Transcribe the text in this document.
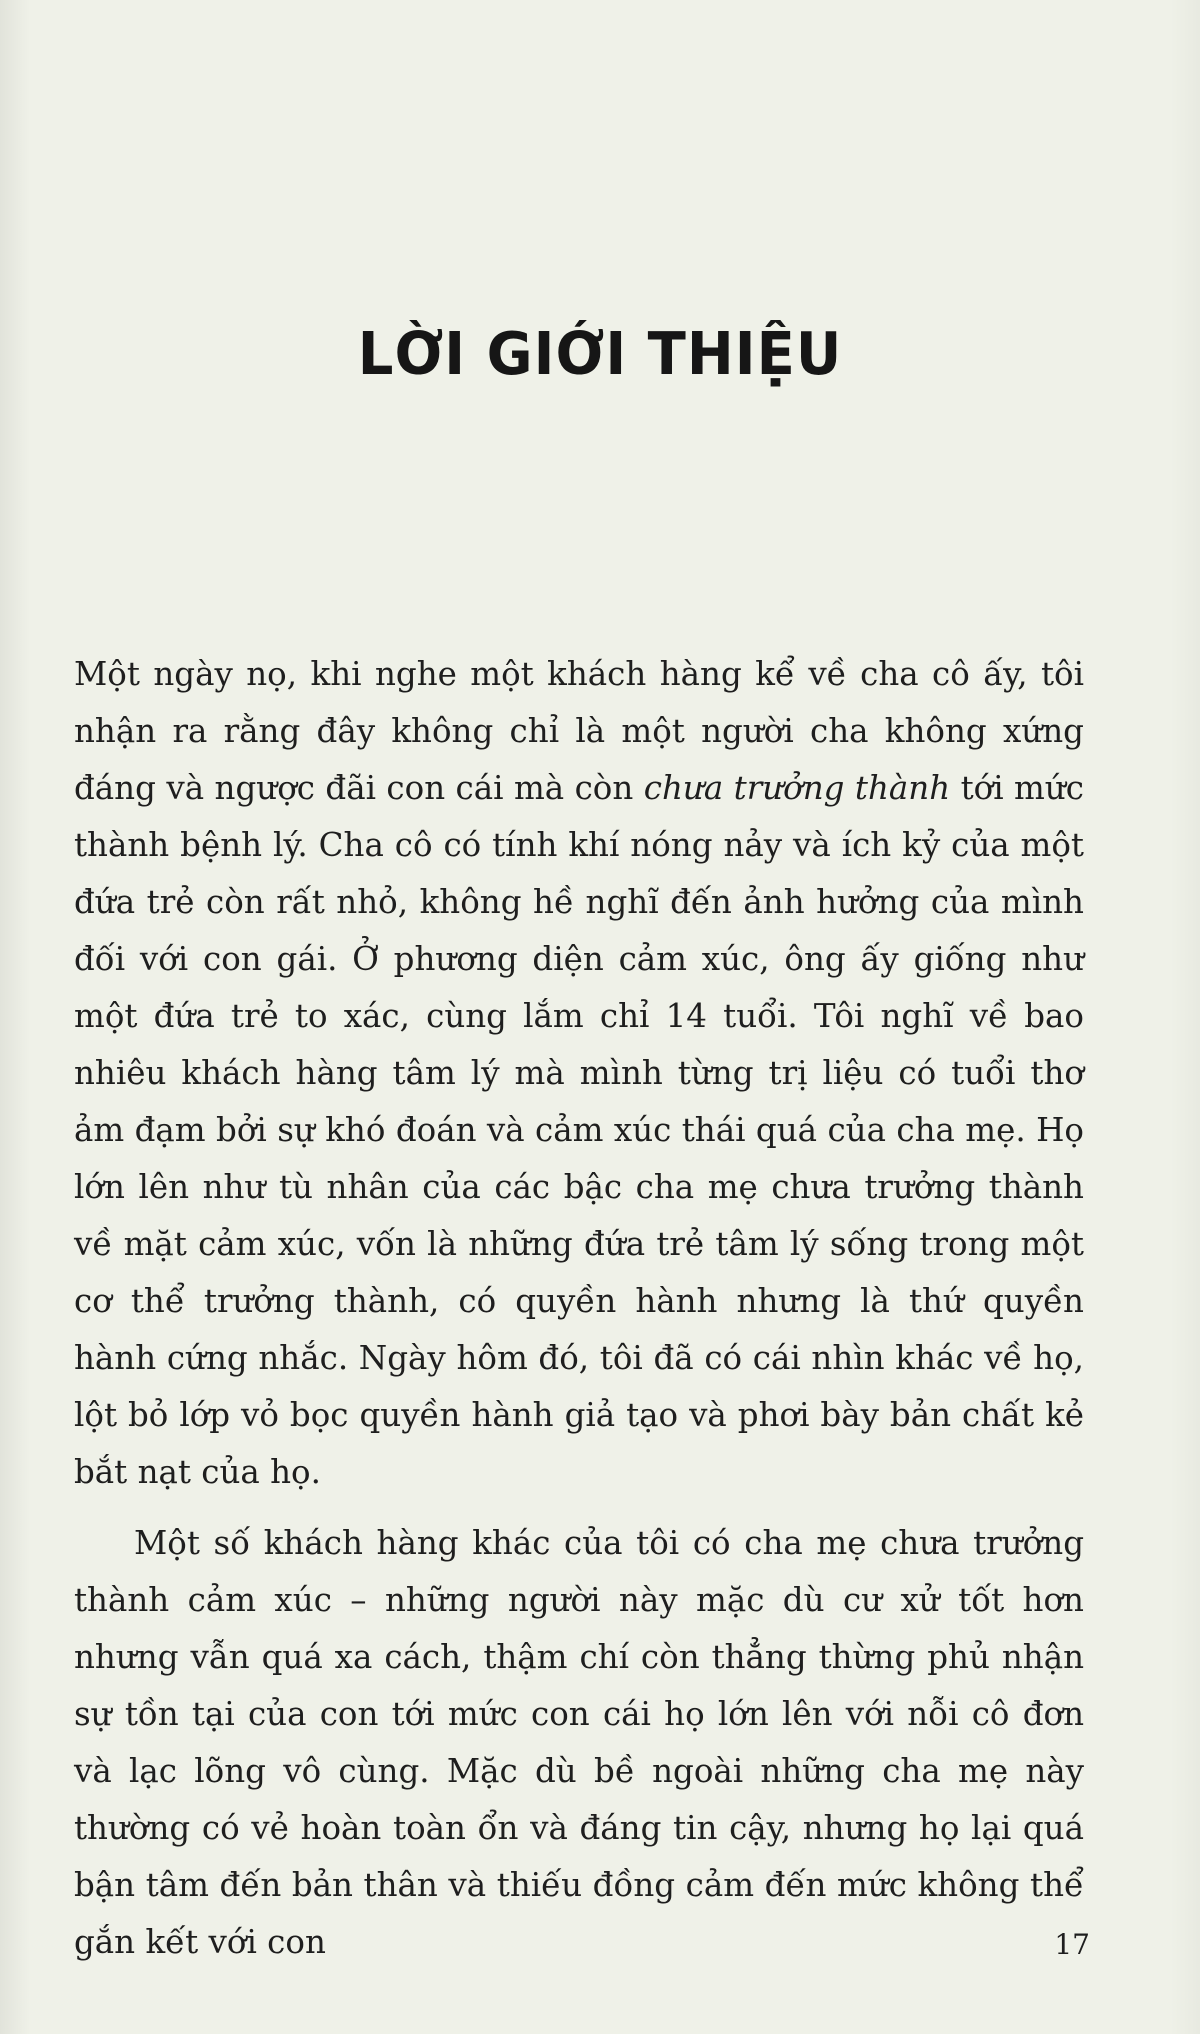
LỜI GIỚI THIỆU

Một ngày nọ, khi nghe một khách hàng kể về cha cô ấy, tôi nhận ra rằng đây không chỉ là một người cha không xứng đáng và ngược đãi con cái mà còn chưa trưởng thành tới mức thành bệnh lý. Cha cô có tính khí nóng nảy và ích kỷ của một đứa trẻ còn rất nhỏ, không hề nghĩ đến ảnh hưởng của mình đối với con gái. Ở phương diện cảm xúc, ông ấy giống như một đứa trẻ to xác, cùng lắm chỉ 14 tuổi. Tôi nghĩ về bao nhiêu khách hàng tâm lý mà mình từng trị liệu có tuổi thơ ảm đạm bởi sự khó đoán và cảm xúc thái quá của cha mẹ. Họ lớn lên như tù nhân của các bậc cha mẹ chưa trưởng thành về mặt cảm xúc, vốn là những đứa trẻ tâm lý sống trong một cơ thể trưởng thành, có quyền hành nhưng là thứ quyền hành cứng nhắc. Ngày hôm đó, tôi đã có cái nhìn khác về họ, lột bỏ lớp vỏ bọc quyền hành giả tạo và phơi bày bản chất kẻ bắt nạt của họ.

Một số khách hàng khác của tôi có cha mẹ chưa trưởng thành cảm xúc – những người này mặc dù cư xử tốt hơn nhưng vẫn quá xa cách, thậm chí còn thẳng thừng phủ nhận sự tồn tại của con tới mức con cái họ lớn lên với nỗi cô đơn và lạc lõng vô cùng. Mặc dù bề ngoài những cha mẹ này thường có vẻ hoàn toàn ổn và đáng tin cậy, nhưng họ lại quá bận tâm đến bản thân và thiếu đồng cảm đến mức không thể gắn kết với con	17
